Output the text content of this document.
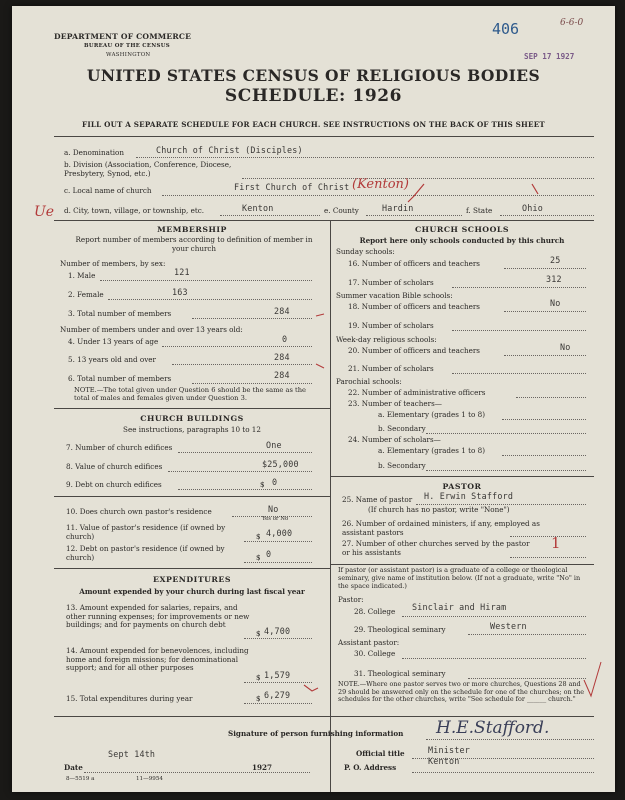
DEPARTMENT OF COMMERCE
BUREAU OF THE CENSUS
WASHINGTON
406	6-6-0
SEP 17 1927
UNITED STATES CENSUS OF RELIGIOUS BODIES
SCHEDULE: 1926
FILL OUT A SEPARATE SCHEDULE FOR EACH CHURCH. SEE INSTRUCTIONS ON THE BACK OF THIS SHEET
a. Denomination	Church of Christ (Disciples)
b. Division (Association, Conference, Diocese, Presbytery, Synod, etc.)
c. Local name of church	First Church of Christ (Kenton)
Ue d. City, town, village, or township, etc.	Kenton	e. County	Hardin	f. State	Ohio
MEMBERSHIP
Report number of members according to definition of member in your church
Number of members, by sex:
1. Male	121
2. Female	163
3. Total number of members	284
Number of members under and over 13 years old:
4. Under 13 years of age	0
5. 13 years old and over	284
6. Total number of members	284
NOTE.—The total given under Question 6 should be the same as the total of males and females given under Question 3.
CHURCH BUILDINGS
See instructions, paragraphs 10 to 12
7. Number of church edifices	One
8. Value of church edifices	$25,000
9. Debt on church edifices	$ 0
10. Does church own pastor's residence	No
Yes or No
11. Value of pastor's residence (if owned by church)	$ 4,000
12. Debt on pastor's residence (if owned by church)	$ 0
EXPENDITURES
Amount expended by your church during last fiscal year
13. Amount expended for salaries, repairs, and other running expenses; for improvements or new buildings; and for payments on church debt
$ 4,700
14. Amount expended for benevolences, including home and foreign missions; for denominational support; and for all other purposes
$ 1,579
15. Total expenditures during year	$ 6,279
CHURCH SCHOOLS
Report here only schools conducted by this church
Sunday schools:
16. Number of officers and teachers	25
17. Number of scholars	312
Summer vacation Bible schools:
18. Number of officers and teachers	No
19. Number of scholars
Week-day religious schools:
20. Number of officers and teachers	No
21. Number of scholars
Parochial schools:
22. Number of administrative officers
23. Number of teachers—
a. Elementary (grades 1 to 8)
b. Secondary
24. Number of scholars—
a. Elementary (grades 1 to 8)
b. Secondary
PASTOR
25. Name of pastor H. Erwin Stafford
(If church has no pastor, write "None")
26. Number of ordained ministers, if any, employed as assistant pastors
27. Number of other churches served by the pastor or his assistants
1
If pastor (or assistant pastor) is a graduate of a college or theological seminary, give name of institution below. (If not a graduate, write "No" in the space indicated.)
Pastor:
28. College Sinclair and Hiram
29. Theological seminary	Western
Assistant pastor:
30. College
31. Theological seminary
NOTE.—Where one pastor serves two or more churches, Questions 28 and 29 should be answered only on the schedule for one of the churches; on the schedules for the other churches, write "See schedule for ______ church."
Signature of person furnishing information H.E.Stafford.
Official title	Minister
Date
Sept 14th
1927	P. O. Address
Kenton
8—5519 a	11—9954
